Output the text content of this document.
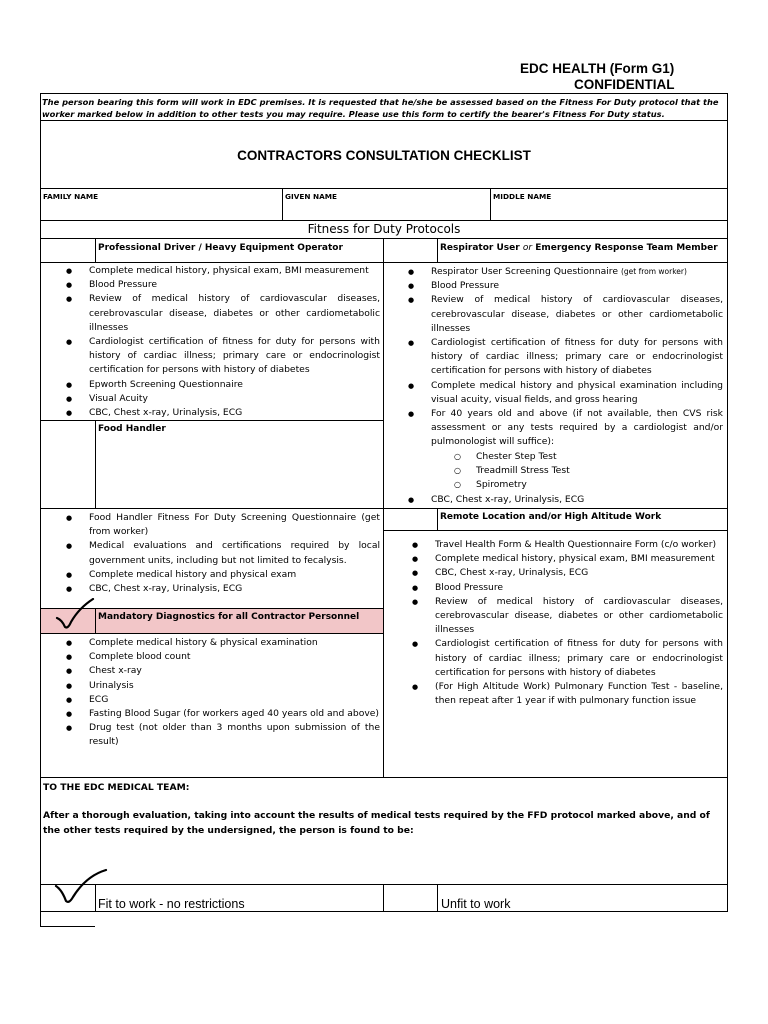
EDC HEALTH (Form G1)
CONFIDENTIAL
The person bearing this form will work in EDC premises. It is requested that he/she be assessed based on the Fitness For Duty protocol that the worker marked below in addition to other tests you may require. Please use this form to certify the bearer's Fitness For Duty status.
CONTRACTORS CONSULTATION CHECKLIST
FAMILY NAME	GIVEN NAME	MIDDLE NAME
Fitness for Duty Protocols
Professional Driver / Heavy Equipment Operator	Respirator User or Emergency Response Team Member
● Complete medical history, physical exam, BMI measurement
● Blood Pressure
● Review of medical history of cardiovascular diseases, cerebrovascular disease, diabetes or other cardiometabolic illnesses
● Cardiologist certification of fitness for duty for persons with history of cardiac illness; primary care or endocrinologist certification for persons with history of diabetes
● Epworth Screening Questionnaire
● Visual Acuity
● CBC, Chest x-ray, Urinalysis, ECG
● Respirator User Screening Questionnaire (get from worker)
● Blood Pressure
● Review of medical history of cardiovascular diseases, cerebrovascular disease, diabetes or other cardiometabolic illnesses
● Cardiologist certification of fitness for duty for persons with history of cardiac illness; primary care or endocrinologist certification for persons with history of diabetes
● Complete medical history and physical examination including visual acuity, visual fields, and gross hearing
● For 40 years old and above (if not available, then CVS risk assessment or any tests required by a cardiologist and/or pulmonologist will suffice):
○ Chester Step Test
○ Treadmill Stress Test
○ Spirometry
● CBC, Chest x-ray, Urinalysis, ECG
Food Handler
● Food Handler Fitness For Duty Screening Questionnaire (get from worker)
● Medical evaluations and certifications required by local government units, including but not limited to fecalysis.
● Complete medical history and physical exam
● CBC, Chest x-ray, Urinalysis, ECG
Remote Location and/or High Altitude Work
● Travel Health Form & Health Questionnaire Form (c/o worker)
● Complete medical history, physical exam, BMI measurement
● CBC, Chest x-ray, Urinalysis, ECG
● Blood Pressure
● Review of medical history of cardiovascular diseases, cerebrovascular disease, diabetes or other cardiometabolic illnesses
● Cardiologist certification of fitness for duty for persons with history of cardiac illness; primary care or endocrinologist certification for persons with history of diabetes
● (For High Altitude Work) Pulmonary Function Test - baseline, then repeat after 1 year if with pulmonary function issue
Mandatory Diagnostics for all Contractor Personnel
● Complete medical history & physical examination
● Complete blood count
● Chest x-ray
● Urinalysis
● ECG
● Fasting Blood Sugar (for workers aged 40 years old and above)
● Drug test (not older than 3 months upon submission of the result)
TO THE EDC MEDICAL TEAM:
After a thorough evaluation, taking into account the results of medical tests required by the FFD protocol marked above, and of the other tests required by the undersigned, the person is found to be:
Fit to work - no restrictions	Unfit to work
